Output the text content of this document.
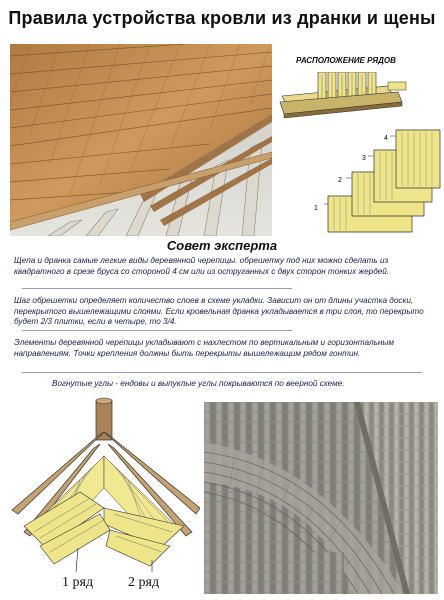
Правила устройства кровли из дранки и щены
РАСПОЛОЖЕНИЕ РЯДОВ
1
2
3
4
Совет эксперта
Щепа и дранка самые легкие виды деревянной черепицы. обрешетку под них можно сделать из квадратного в срезе бруса со стороной 4 см или из оструганных с двух сторон тонких жердей.
Шаг обрешетки определяет количество слоев в схеме укладки. Зависит он от длины участка доски, перекрытого вышележащими слоями. Если кровельная дранка укладывается в три слоя, то перекрыто будет 2/3 плитки, если в четыре, то 3/4.
Элементы деревянной черепицы укладывают с нахлестом по вертикальным и горизонтальным направлениям. Точки крепления должны быть перекрыты вышележащим рядом гонтин.
Вогнутые углы - ендовы и выпуклые углы покрываются по веерной схеме.
1 ряд 2 ряд
